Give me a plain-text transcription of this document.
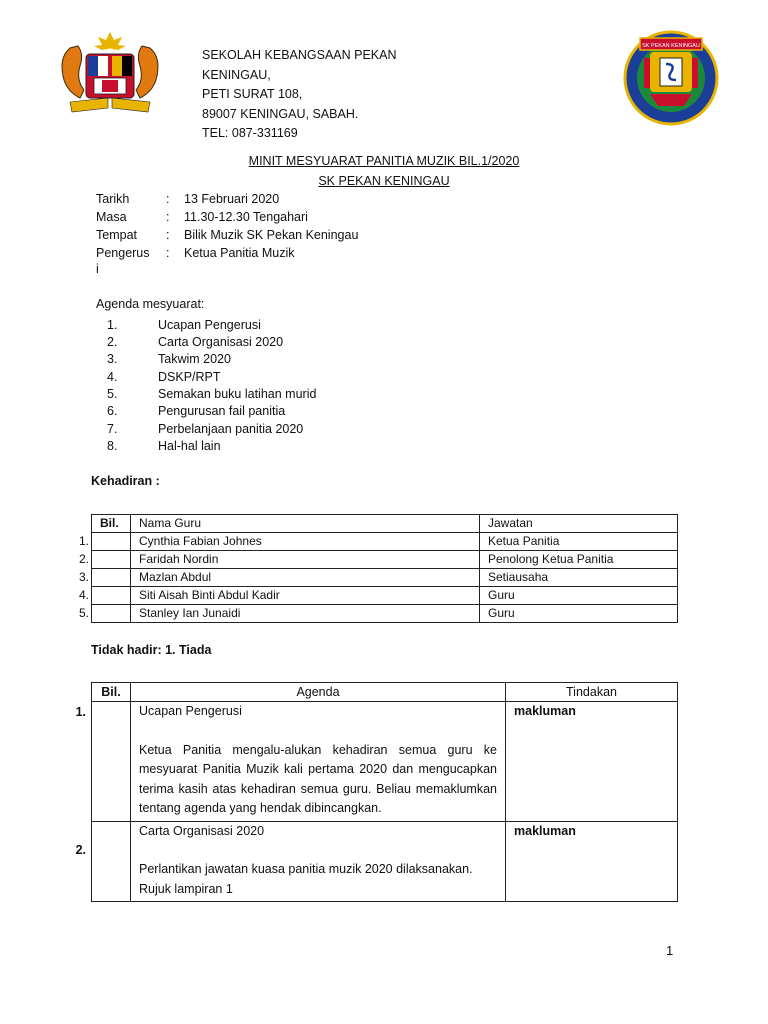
SK PEKAN KENINGAU
SEKOLAH KEBANGSAAN PEKAN
KENINGAU,
PETI SURAT 108,
89007 KENINGAU, SABAH.
TEL: 087-331169
MINIT MESYUARAT PANITIA MUZIK BIL.1/2020
SK PEKAN KENINGAU
Tarikh	: 13 Februari 2020
Masa	: 11.30-12.30 Tengahari
Tempat	: Bilik Muzik SK Pekan Keningau
Pengerus	: Ketua Panitia Muzik
i
Agenda mesyuarat:
1.	Ucapan Pengerusi
2.	Carta Organisasi 2020
3.	Takwim 2020
4.	DSKP/RPT
5.	Semakan buku latihan murid
6.	Pengurusan fail panitia
7.	Perbelanjaan panitia 2020
8.	Hal-hal lain
Kehadiran :
1.
2.
3.
4.
5.
Bil.	Nama Guru	Jawatan
	Cynthia Fabian Johnes	Ketua Panitia
	Faridah Nordin	Penolong Ketua Panitia
	Mazlan Abdul	Setiausaha
	Siti Aisah Binti Abdul Kadir	Guru
	Stanley Ian Junaidi	Guru
Tidak hadir: 1. Tiada
1.
2.
Bil.	Agenda	Tindakan

	Ucapan Pengerusi
Ketua Panitia mengalu-alukan kehadiran semua guru ke mesyuarat Panitia Muzik kali pertama 2020 dan mengucapkan terima kasih atas kehadiran semua guru. Beliau memaklumkan tentang agenda yang hendak dibincangkan.	makluman

	Carta Organisasi 2020
Perlantikan jawatan kuasa panitia muzik 2020 dilaksanakan. Rujuk lampiran 1	makluman
1
